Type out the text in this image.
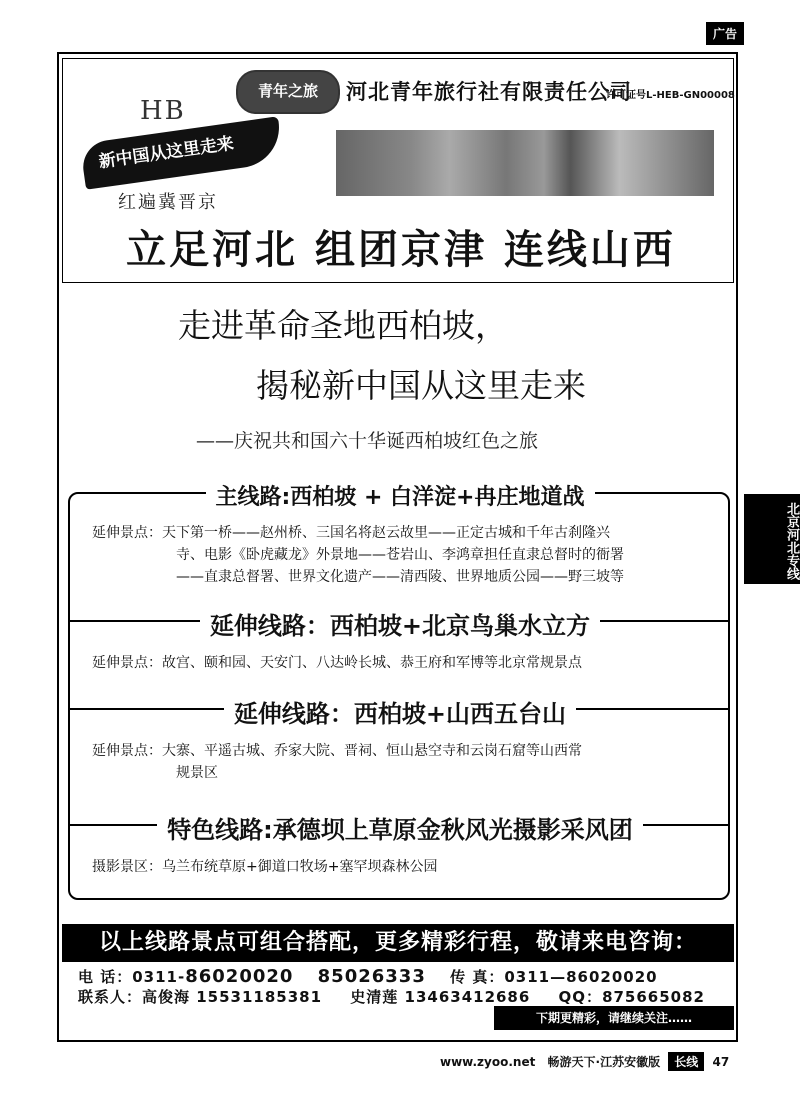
广告
HB
新中国从这里走来
红遍冀晋京
青年之旅	河北青年旅行社有限责任公司
许可证号L-HEB-GN00008
立足河北 组团京津 连线山西
走进革命圣地西柏坡，
揭秘新中国从这里走来
——庆祝共和国六十华诞西柏坡红色之旅
主线路:西柏坡 + 白洋淀+冉庄地道战
延伸景点：天下第一桥——赵州桥、三国名将赵云故里——正定古城和千年古刹隆兴
寺、电影《卧虎藏龙》外景地——苍岩山、李鸿章担任直隶总督时的衙署
——直隶总督署、世界文化遗产——清西陵、世界地质公园——野三坡等
延伸线路：西柏坡+北京鸟巢水立方
延伸景点：故宫、颐和园、天安门、八达岭长城、恭王府和军博等北京常规景点
延伸线路：西柏坡+山西五台山
延伸景点：大寨、平遥古城、乔家大院、晋祠、恒山悬空寺和云岗石窟等山西常
规景区
特色线路:承德坝上草原金秋风光摄影采风团
摄影景区：乌兰布统草原+御道口牧场+塞罕坝森林公园
以上线路景点可组合搭配，更多精彩行程，敬请来电咨询：
电 话：0311-86020020 85026333 传 真：0311—86020020
联系人：高俊海 15531185381 史清莲 13463412686 QQ：875665082
下期更精彩，请继续关注……
北京河北专线
www.zyoo.net 畅游天下·江苏安徽版 长线 47
